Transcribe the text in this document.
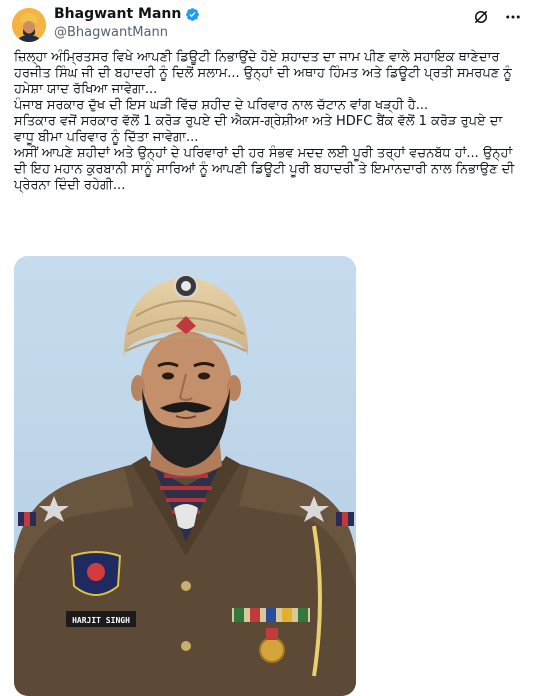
Bhagwant Mann
@BhagwantMann
ਜ਼ਿਲ੍ਹਾ ਅੰਮ੍ਰਿਤਸਰ ਵਿਖੇ ਆਪਣੀ ਡਿਊਟੀ ਨਿਭਾਉਂਦੇ ਹੋਏ ਸ਼ਹਾਦਤ ਦਾ ਜਾਮ ਪੀਣ ਵਾਲੇ ਸਹਾਇਕ ਥਾਣੇਦਾਰ ਹਰਜੀਤ ਸਿੰਘ ਜੀ ਦੀ ਬਹਾਦਰੀ ਨੂੰ ਦਿਲੋਂ ਸਲਾਮ... ਉਨ੍ਹਾਂ ਦੀ ਅਥਾਹ ਹਿੰਮਤ ਅਤੇ ਡਿਊਟੀ ਪ੍ਰਤੀ ਸਮਰਪਣ ਨੂੰ ਹਮੇਸ਼ਾ ਯਾਦ ਰੱਖਿਆ ਜਾਵੇਗਾ...
ਪੰਜਾਬ ਸਰਕਾਰ ਦੁੱਖ ਦੀ ਇਸ ਘੜੀ ਵਿੱਚ ਸ਼ਹੀਦ ਦੇ ਪਰਿਵਾਰ ਨਾਲ ਚੱਟਾਨ ਵਾਂਗ ਖੜ੍ਹੀ ਹੈ...
ਸਤਿਕਾਰ ਵਜੋਂ ਸਰਕਾਰ ਵੱਲੋਂ 1 ਕਰੋੜ ਰੁਪਏ ਦੀ ਐਕਸ-ਗ੍ਰੇਸ਼ੀਆ ਅਤੇ HDFC ਬੈਂਕ ਵੱਲੋਂ 1 ਕਰੋੜ ਰੁਪਏ ਦਾ ਵਾਧੂ ਬੀਮਾ ਪਰਿਵਾਰ ਨੂੰ ਦਿੱਤਾ ਜਾਵੇਗਾ...
ਅਸੀਂ ਆਪਣੇ ਸ਼ਹੀਦਾਂ ਅਤੇ ਉਨ੍ਹਾਂ ਦੇ ਪਰਿਵਾਰਾਂ ਦੀ ਹਰ ਸੰਭਵ ਮਦਦ ਲਈ ਪੂਰੀ ਤਰ੍ਹਾਂ ਵਚਨਬੱਧ ਹਾਂ... ਉਨ੍ਹਾਂ ਦੀ ਇਹ ਮਹਾਨ ਕੁਰਬਾਨੀ ਸਾਨੂੰ ਸਾਰਿਆਂ ਨੂੰ ਆਪਣੀ ਡਿਊਟੀ ਪੂਰੀ ਬਹਾਦਰੀ ਤੇ ਇਮਾਨਦਾਰੀ ਨਾਲ ਨਿਭਾਉਣ ਦੀ ਪ੍ਰੇਰਨਾ ਦਿੰਦੀ ਰਹੇਗੀ...
HARJIT SINGH
